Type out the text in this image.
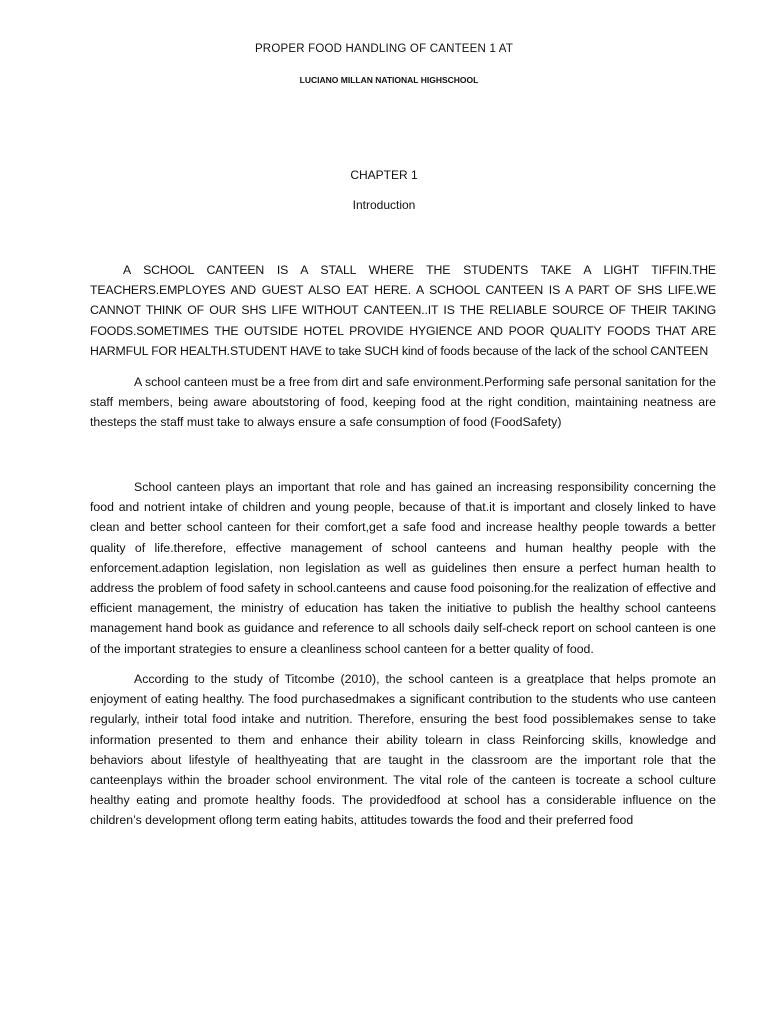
PROPER FOOD HANDLING OF CANTEEN 1 AT
LUCIANO MILLAN NATIONAL HIGHSCHOOL
CHAPTER 1
Introduction

A SCHOOL CANTEEN IS A STALL WHERE THE STUDENTS TAKE A LIGHT TIFFIN.THE TEACHERS.EMPLOYES AND GUEST ALSO EAT HERE. A SCHOOL CANTEEN IS A PART OF SHS LIFE.WE CANNOT THINK OF OUR SHS LIFE WITHOUT CANTEEN..IT IS THE RELIABLE SOURCE OF THEIR TAKING FOODS.SOMETIMES THE OUTSIDE HOTEL PROVIDE HYGIENCE AND POOR QUALITY FOODS THAT ARE HARMFUL FOR HEALTH.STUDENT HAVE to take SUCH kind of foods because of the lack of the school CANTEEN

A school canteen must be a free from dirt and safe environment.Performing safe personal sanitation for the staff members, being aware aboutstoring of food, keeping food at the right condition, maintaining neatness are thesteps the staff must take to always ensure a safe consumption of food (FoodSafety)

School canteen plays an important that role and has gained an increasing responsibility concerning the food and notrient intake of children and young people, because of that.it is important and closely linked to have clean and better school canteen for their comfort,get a safe food and increase healthy people towards a better quality of life.therefore, effective management of school canteens and human healthy people with the enforcement.adaption legislation, non legislation as well as guidelines then ensure a perfect human health to address the problem of food safety in school.canteens and cause food poisoning.for the realization of effective and efficient management, the ministry of education has taken the initiative to publish the healthy school canteens management hand book as guidance and reference to all schools daily self-check report on school canteen is one of the important strategies to ensure a cleanliness school canteen for a better quality of food.

According to the study of Titcombe (2010), the school canteen is a greatplace that helps promote an enjoyment of eating healthy. The food purchasedmakes a significant contribution to the students who use canteen regularly, intheir total food intake and nutrition. Therefore, ensuring the best food possiblemakes sense to take information presented to them and enhance their ability tolearn in class Reinforcing skills, knowledge and behaviors about lifestyle of healthyeating that are taught in the classroom are the important role that the canteenplays within the broader school environment. The vital role of the canteen is tocreate a school culture healthy eating and promote healthy foods. The providedfood at school has a considerable influence on the children’s development oflong term eating habits, attitudes towards the food and their preferred food
